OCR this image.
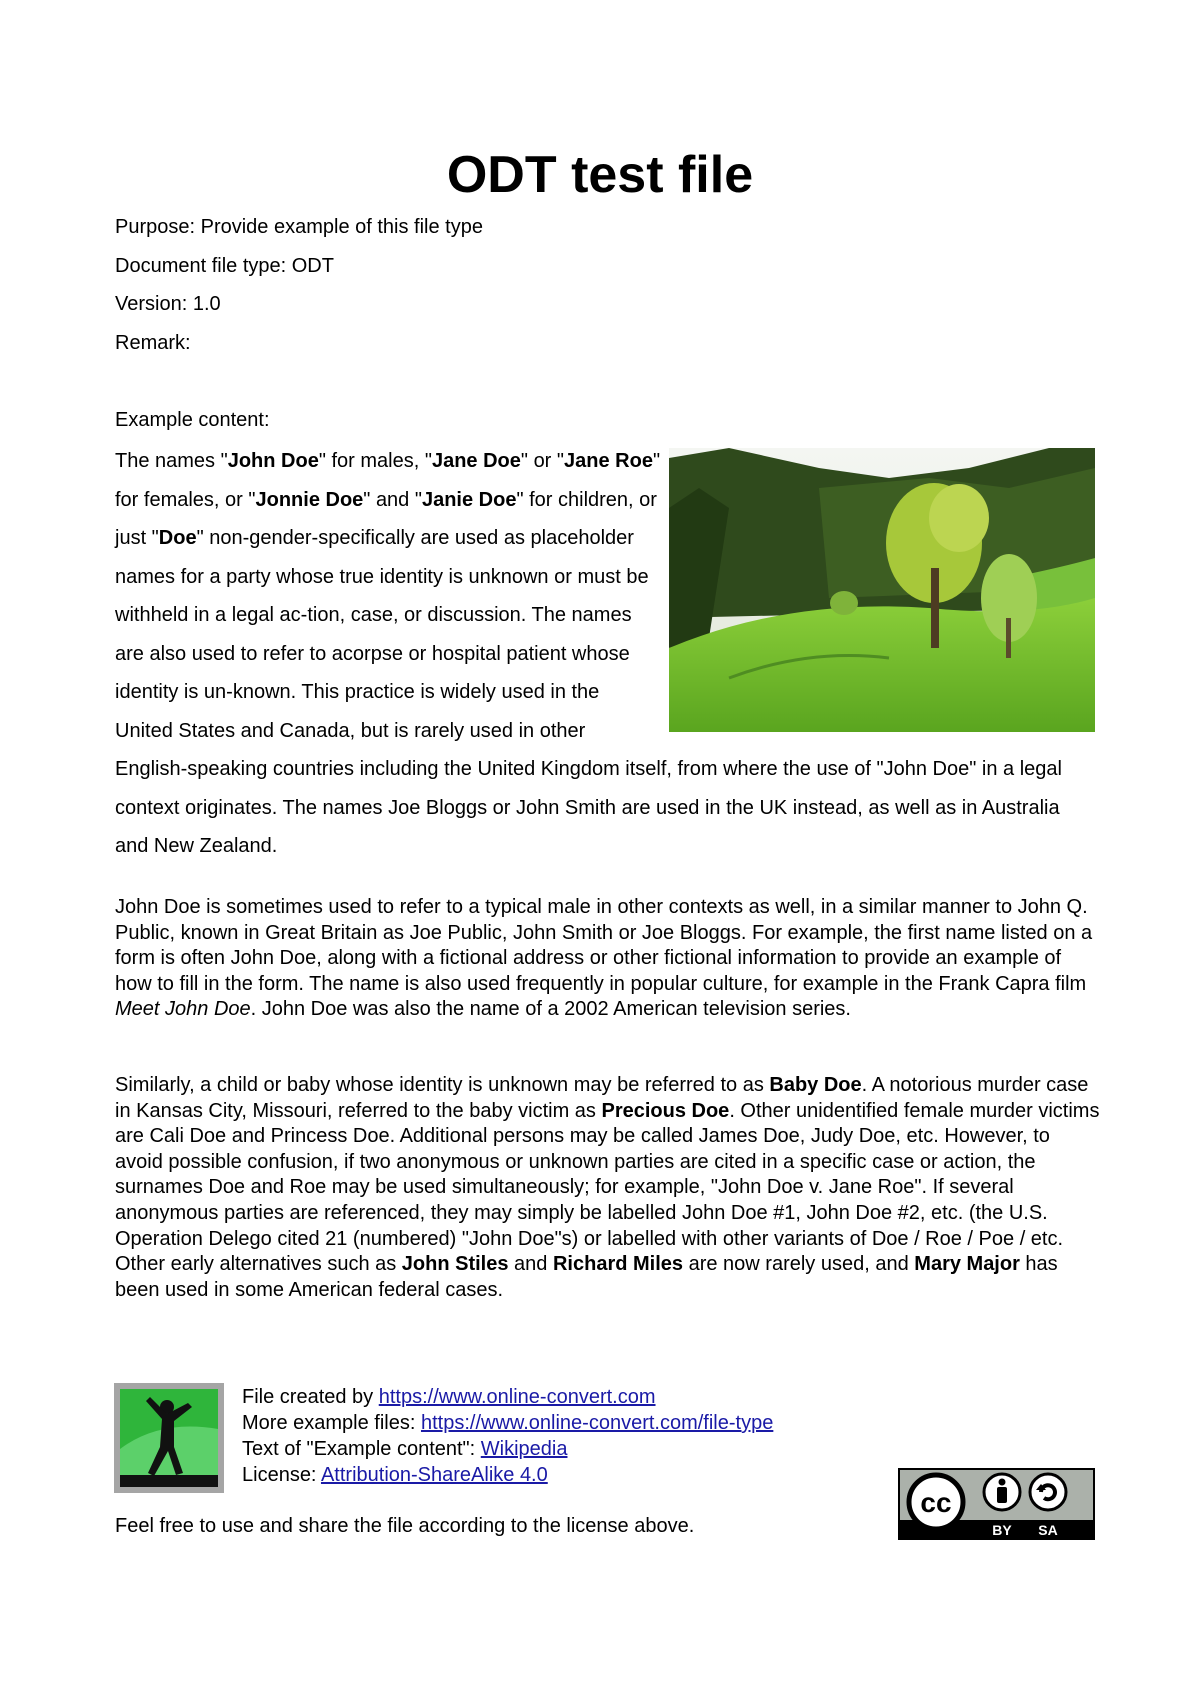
ODT test file
Purpose: Provide example of this file type
Document file type: ODT
Version: 1.0
Remark:
Example content:
The names "John Doe" for males, "Jane Doe" or "Jane Roe" for females, or "Jonnie Doe" and "Janie Doe" for children, or just "Doe" non-gender-specifically are used as placeholder names for a party whose true identity is unknown or must be withheld in a legal ac-tion, case, or discussion. The names are also used to refer to acorpse or hospital patient whose identity is un-known. This practice is widely used in the United States and Canada, but is rarely used in other English-speaking countries including the United Kingdom itself, from where the use of "John Doe" in a legal context originates. The names Joe Bloggs or John Smith are used in the UK instead, as well as in Australia and New Zealand.
John Doe is sometimes used to refer to a typical male in other contexts as well, in a similar manner to John Q. Public, known in Great Britain as Joe Public, John Smith or Joe Bloggs. For example, the first name listed on a form is often John Doe, along with a fictional address or other fictional information to provide an example of how to fill in the form. The name is also used frequently in popular culture, for example in the Frank Capra film Meet John Doe. John Doe was also the name of a 2002 American television series.
Similarly, a child or baby whose identity is unknown may be referred to as Baby Doe. A notorious murder case in Kansas City, Missouri, referred to the baby victim as Precious Doe. Other unidentified female murder victims are Cali Doe and Princess Doe. Additional persons may be called James Doe, Judy Doe, etc. However, to avoid possible confusion, if two anonymous or unknown parties are cited in a specific case or action, the surnames Doe and Roe may be used simultaneously; for example, "John Doe v. Jane Roe". If several anonymous parties are referenced, they may simply be labelled John Doe #1, John Doe #2, etc. (the U.S. Operation Delego cited 21 (numbered) "John Doe"s) or labelled with other variants of Doe / Roe / Poe / etc. Other early alternatives such as John Stiles and Richard Miles are now rarely used, and Mary Major has been used in some American federal cases.
File created by https://www.online-convert.com
More example files: https://www.online-convert.com/file-type
Text of "Example content": Wikipedia
License: Attribution-ShareAlike 4.0
cc
BY SA
Feel free to use and share the file according to the license above.
